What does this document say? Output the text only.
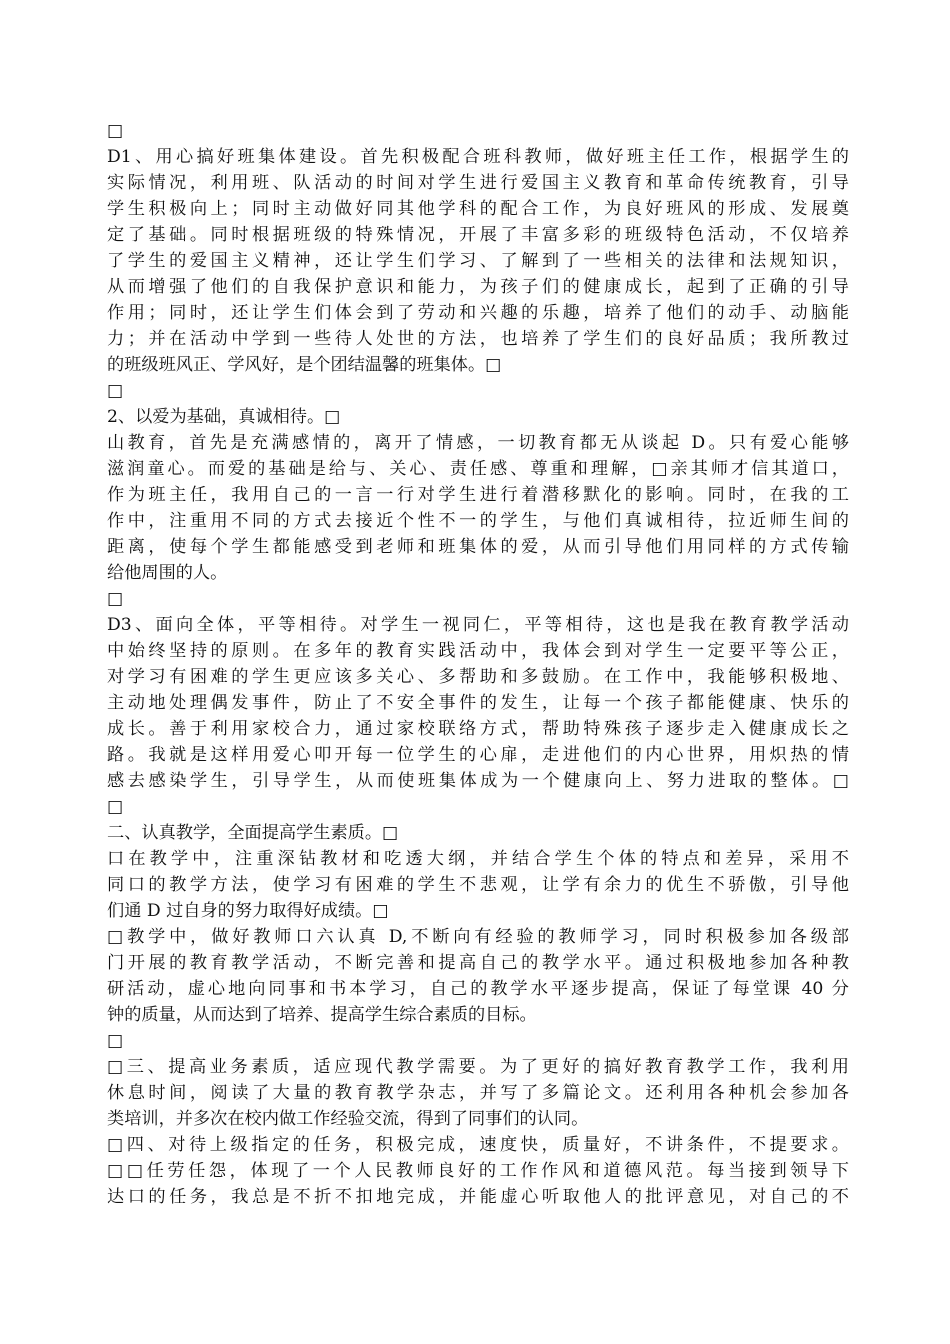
□
D1、用心搞好班集体建设。首先积极配合班科教师，做好班主任工作，根据学生的
实际情况，利用班、队活动的时间对学生进行爱国主义教育和革命传统教育，引导
学生积极向上；同时主动做好同其他学科的配合工作，为良好班风的形成、发展奠
定了基础。同时根据班级的特殊情况，开展了丰富多彩的班级特色活动，不仅培养
了学生的爱国主义精神，还让学生们学习、了解到了一些相关的法律和法规知识，
从而增强了他们的自我保护意识和能力，为孩子们的健康成长，起到了正确的引导
作用；同时，还让学生们体会到了劳动和兴趣的乐趣，培养了他们的动手、动脑能
力；并在活动中学到一些待人处世的方法，也培养了学生们的良好品质；我所教过
的班级班风正、学风好，是个团结温馨的班集体。□
□
2、以爱为基础，真诚相待。□
山教育，首先是充满感情的，离开了情感，一切教育都无从谈起 D。只有爱心能够
滋润童心。而爱的基础是给与、关心、责任感、尊重和理解，□亲其师才信其道口，
作为班主任，我用自己的一言一行对学生进行着潜移默化的影响。同时，在我的工
作中，注重用不同的方式去接近个性不一的学生，与他们真诚相待，拉近师生间的
距离，使每个学生都能感受到老师和班集体的爱，从而引导他们用同样的方式传输
给他周围的人。
□
D3、面向全体，平等相待。对学生一视同仁，平等相待，这也是我在教育教学活动
中始终坚持的原则。在多年的教育实践活动中，我体会到对学生一定要平等公正，
对学习有困难的学生更应该多关心、多帮助和多鼓励。在工作中，我能够积极地、
主动地处理偶发事件，防止了不安全事件的发生，让每一个孩子都能健康、快乐的
成长。善于利用家校合力，通过家校联络方式，帮助特殊孩子逐步走入健康成长之
路。我就是这样用爱心叩开每一位学生的心扉，走进他们的内心世界，用炽热的情
感去感染学生，引导学生，从而使班集体成为一个健康向上、努力进取的整体。□
□
二、认真教学，全面提高学生素质。□
口在教学中，注重深钻教材和吃透大纲，并结合学生个体的特点和差异，采用不
同口的教学方法，使学习有困难的学生不悲观，让学有余力的优生不骄傲，引导他
们通 D 过自身的努力取得好成绩。□
□教学中，做好教师口六认真 D,不断向有经验的教师学习，同时积极参加各级部
门开展的教育教学活动，不断完善和提高自己的教学水平。通过积极地参加各种教
研活动，虚心地向同事和书本学习，自己的教学水平逐步提高，保证了每堂课 40 分
钟的质量，从而达到了培养、提高学生综合素质的目标。
□
□三、提高业务素质，适应现代教学需要。为了更好的搞好教育教学工作，我利用
休息时间，阅读了大量的教育教学杂志，并写了多篇论文。还利用各种机会参加各
类培训，并多次在校内做工作经验交流，得到了同事们的认同。
□四、对待上级指定的任务，积极完成，速度快，质量好，不讲条件，不提要求。
□□任劳任怨，体现了一个人民教师良好的工作作风和道德风范。每当接到领导下
达口的任务，我总是不折不扣地完成，并能虚心听取他人的批评意见，对自己的不
